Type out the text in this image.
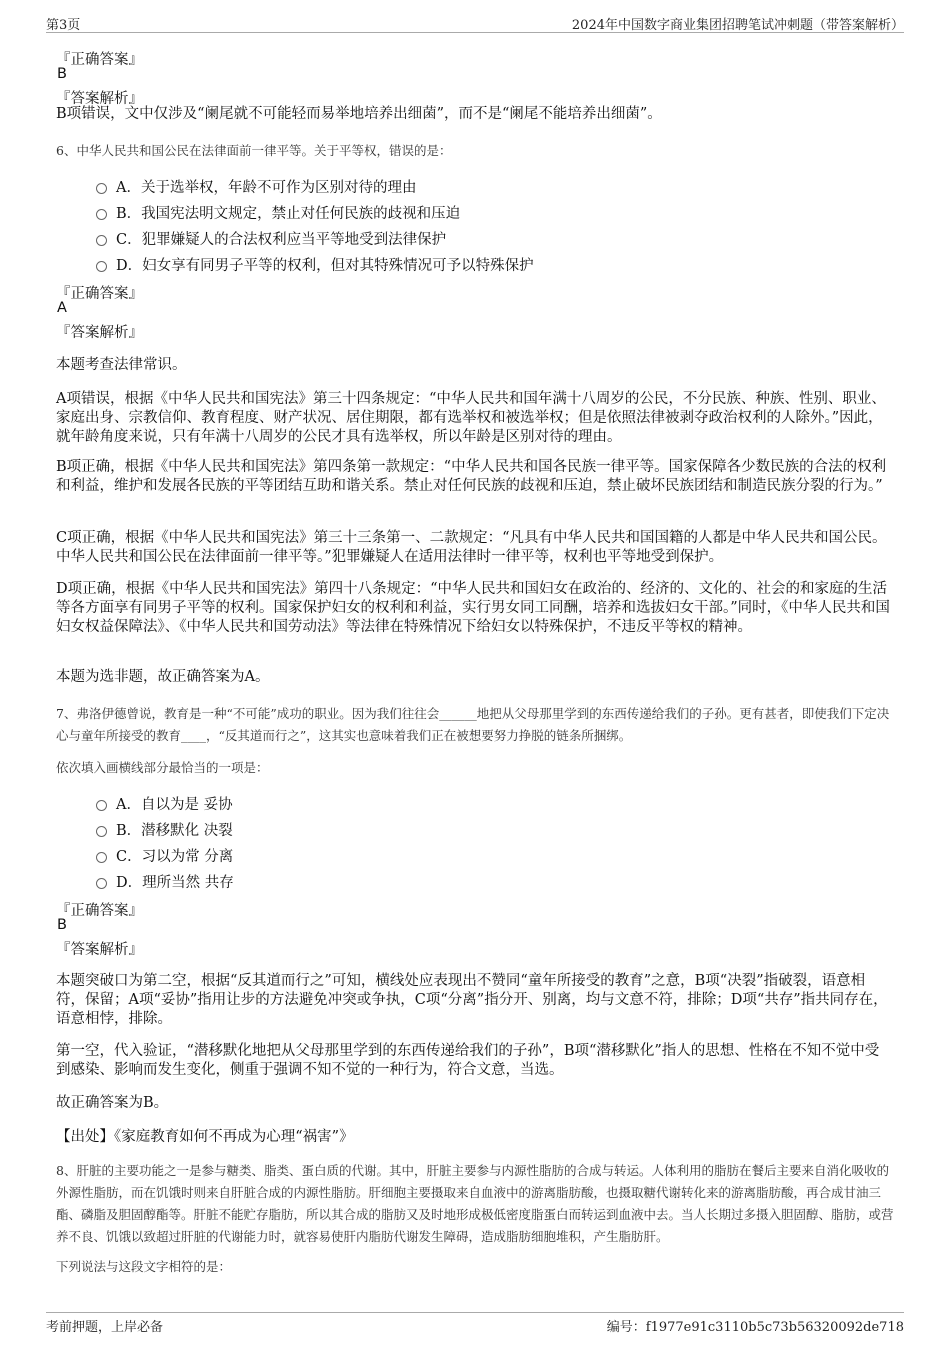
第3页	2024年中国数字商业集团招聘笔试冲刺题（带答案解析）
『正确答案』
B
『答案解析』
B项错误，文中仅涉及“阑尾就不可能轻而易举地培养出细菌”，而不是“阑尾不能培养出细菌”。
6、中华人民共和国公民在法律面前一律平等。关于平等权，错误的是：
A．关于选举权，年龄不可作为区别对待的理由
B．我国宪法明文规定，禁止对任何民族的歧视和压迫
C．犯罪嫌疑人的合法权利应当平等地受到法律保护
D．妇女享有同男子平等的权利，但对其特殊情况可予以特殊保护
『正确答案』
A
『答案解析』
本题考查法律常识。
A项错误，根据《中华人民共和国宪法》第三十四条规定：“中华人民共和国年满十八周岁的公民，不分民族、种族、性别、职业、家庭出身、宗教信仰、教育程度、财产状况、居住期限，都有选举权和被选举权；但是依照法律被剥夺政治权利的人除外。”因此，就年龄角度来说，只有年满十八周岁的公民才具有选举权，所以年龄是区别对待的理由。
B项正确，根据《中华人民共和国宪法》第四条第一款规定：“中华人民共和国各民族一律平等。国家保障各少数民族的合法的权利和利益，维护和发展各民族的平等团结互助和谐关系。禁止对任何民族的歧视和压迫，禁止破坏民族团结和制造民族分裂的行为。”
C项正确，根据《中华人民共和国宪法》第三十三条第一、二款规定：“凡具有中华人民共和国国籍的人都是中华人民共和国公民。中华人民共和国公民在法律面前一律平等。”犯罪嫌疑人在适用法律时一律平等，权利也平等地受到保护。
D项正确，根据《中华人民共和国宪法》第四十八条规定：“中华人民共和国妇女在政治的、经济的、文化的、社会的和家庭的生活等各方面享有同男子平等的权利。国家保护妇女的权利和利益，实行男女同工同酬，培养和选拔妇女干部。”同时，《中华人民共和国妇女权益保障法》、《中华人民共和国劳动法》等法律在特殊情况下给妇女以特殊保护，不违反平等权的精神。
本题为选非题，故正确答案为A。
7、弗洛伊德曾说，教育是一种“不可能”成功的职业。因为我们往往会______地把从父母那里学到的东西传递给我们的子孙。更有甚者，即使我们下定决心与童年所接受的教育____，“反其道而行之”，这其实也意味着我们正在被想要努力挣脱的链条所捆绑。
依次填入画横线部分最恰当的一项是：
A．自以为是 妥协
B．潜移默化 决裂
C．习以为常 分离
D．理所当然 共存
『正确答案』
B
『答案解析』
本题突破口为第二空，根据“反其道而行之”可知，横线处应表现出不赞同“童年所接受的教育”之意，B项“决裂”指破裂，语意相符，保留；A项“妥协”指用让步的方法避免冲突或争执，C项“分离”指分开、别离，均与文意不符，排除；D项“共存”指共同存在，语意相悖，排除。
第一空，代入验证，“潜移默化地把从父母那里学到的东西传递给我们的子孙”，B项“潜移默化”指人的思想、性格在不知不觉中受到感染、影响而发生变化，侧重于强调不知不觉的一种行为，符合文意，当选。
故正确答案为B。
【出处】《家庭教育如何不再成为心理“祸害”》
8、肝脏的主要功能之一是参与糖类、脂类、蛋白质的代谢。其中，肝脏主要参与内源性脂肪的合成与转运。人体利用的脂肪在餐后主要来自消化吸收的外源性脂肪，而在饥饿时则来自肝脏合成的内源性脂肪。肝细胞主要摄取来自血液中的游离脂肪酸，也摄取糖代谢转化来的游离脂肪酸，再合成甘油三酯、磷脂及胆固醇酯等。肝脏不能贮存脂肪，所以其合成的脂肪又及时地形成极低密度脂蛋白而转运到血液中去。当人长期过多摄入胆固醇、脂肪，或营养不良、饥饿以致超过肝脏的代谢能力时，就容易使肝内脂肪代谢发生障碍，造成脂肪细胞堆积，产生脂肪肝。
下列说法与这段文字相符的是：
考前押题，上岸必备	编号：f1977e91c3110b5c73b56320092de718
